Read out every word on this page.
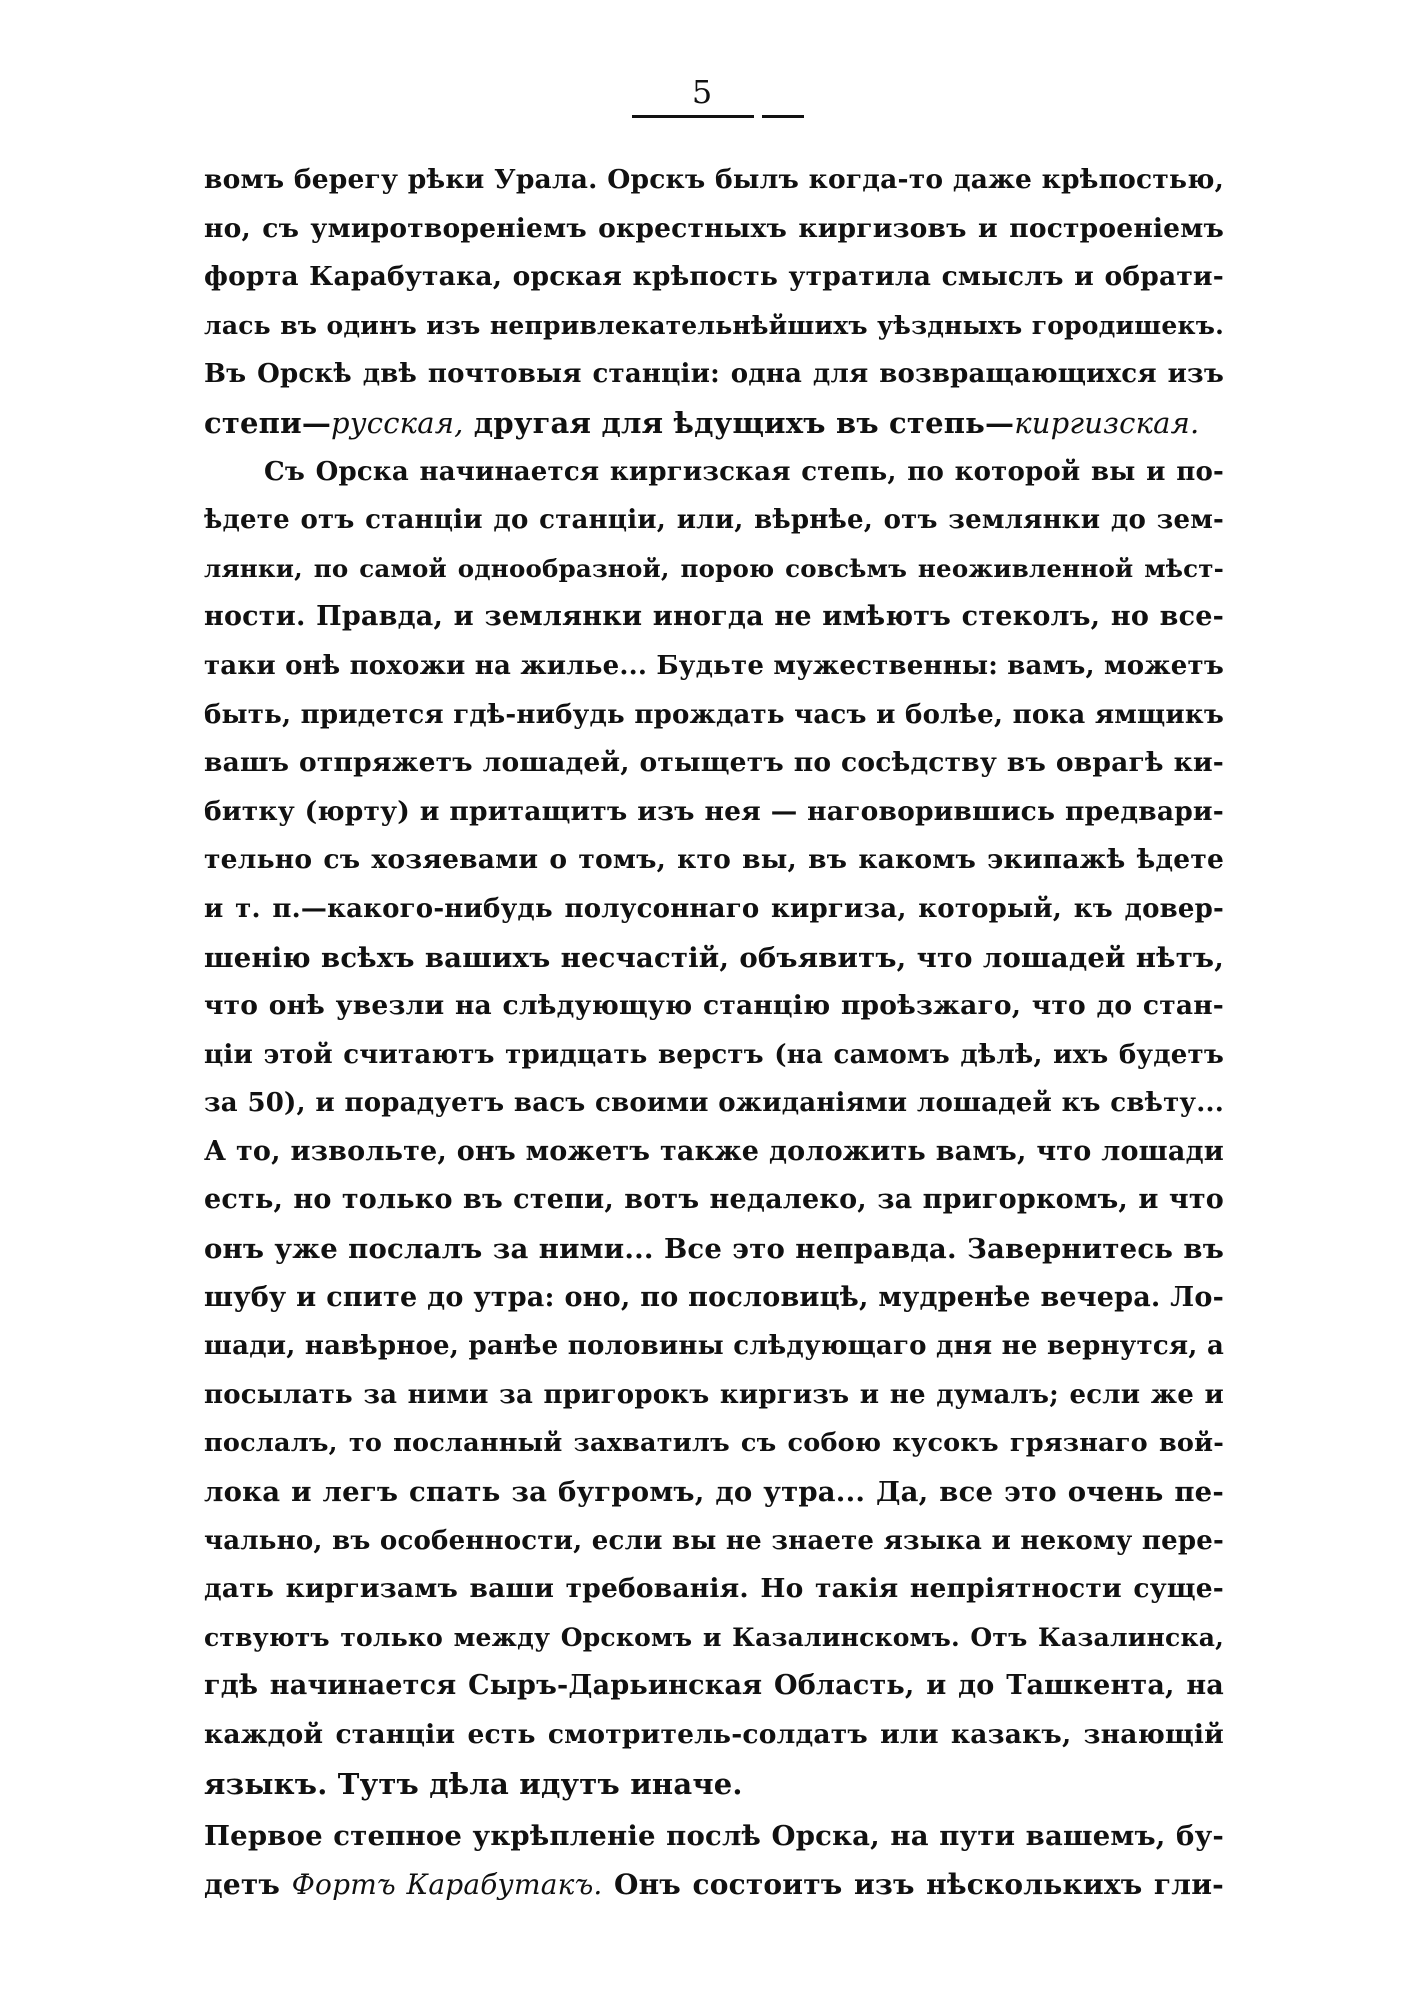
5
вомъ берегу рѣки Урала. Орскъ былъ когда-то даже крѣпостью,
но, съ умиротвореніемъ окрестныхъ киргизовъ и построеніемъ
форта Карабутака, орская крѣпость утратила смыслъ и обрати-
лась въ одинъ изъ непривлекательнѣйшихъ уѣздныхъ городишекъ.
Въ Орскѣ двѣ почтовыя станціи: одна для возвращающихся изъ
степи—русская, другая для ѣдущихъ въ степь—киргизская.
Съ Орска начинается киргизская степь, по которой вы и по-
ѣдете отъ станціи до станціи, или, вѣрнѣе, отъ землянки до зем-
лянки, по самой однообразной, порою совсѣмъ неоживленной мѣст-
ности. Правда, и землянки иногда не имѣютъ стеколъ, но все-
таки онѣ похожи на жилье... Будьте мужественны: вамъ, можетъ
быть, придется гдѣ-нибудь прождать часъ и болѣе, пока ямщикъ
вашъ отпряжетъ лошадей, отыщетъ по сосѣдству въ оврагѣ ки-
битку (юрту) и притащитъ изъ нея — наговорившись предвари-
тельно съ хозяевами о томъ, кто вы, въ какомъ экипажѣ ѣдете
и т. п.—какого-нибудь полусоннаго киргиза, который, къ довер-
шенію всѣхъ вашихъ несчастій, объявитъ, что лошадей нѣтъ,
что онѣ увезли на слѣдующую станцію проѣзжаго, что до стан-
ціи этой считаютъ тридцать верстъ (на самомъ дѣлѣ, ихъ будетъ
за 50), и порадуетъ васъ своими ожиданіями лошадей къ свѣту...
А то, извольте, онъ можетъ также доложить вамъ, что лошади
есть, но только въ степи, вотъ недалеко, за пригоркомъ, и что
онъ уже послалъ за ними... Все это неправда. Завернитесь въ
шубу и спите до утра: оно, по пословицѣ, мудренѣе вечера. Ло-
шади, навѣрное, ранѣе половины слѣдующаго дня не вернутся, а
посылать за ними за пригорокъ киргизъ и не думалъ; если же и
послалъ, то посланный захватилъ съ собою кусокъ грязнаго вой-
лока и легъ спать за бугромъ, до утра... Да, все это очень пе-
чально, въ особенности, если вы не знаете языка и некому пере-
дать киргизамъ ваши требованія. Но такія непріятности суще-
ствуютъ только между Орскомъ и Казалинскомъ. Отъ Казалинска,
гдѣ начинается Сыръ-Дарьинская Область, и до Ташкента, на
каждой станціи есть смотритель-солдатъ или казакъ, знающій
языкъ. Тутъ дѣла идутъ иначе.
Первое степное укрѣпленіе послѣ Орска, на пути вашемъ, бу-
детъ Фортъ Карабутакъ. Онъ состоитъ изъ нѣсколькихъ гли-
